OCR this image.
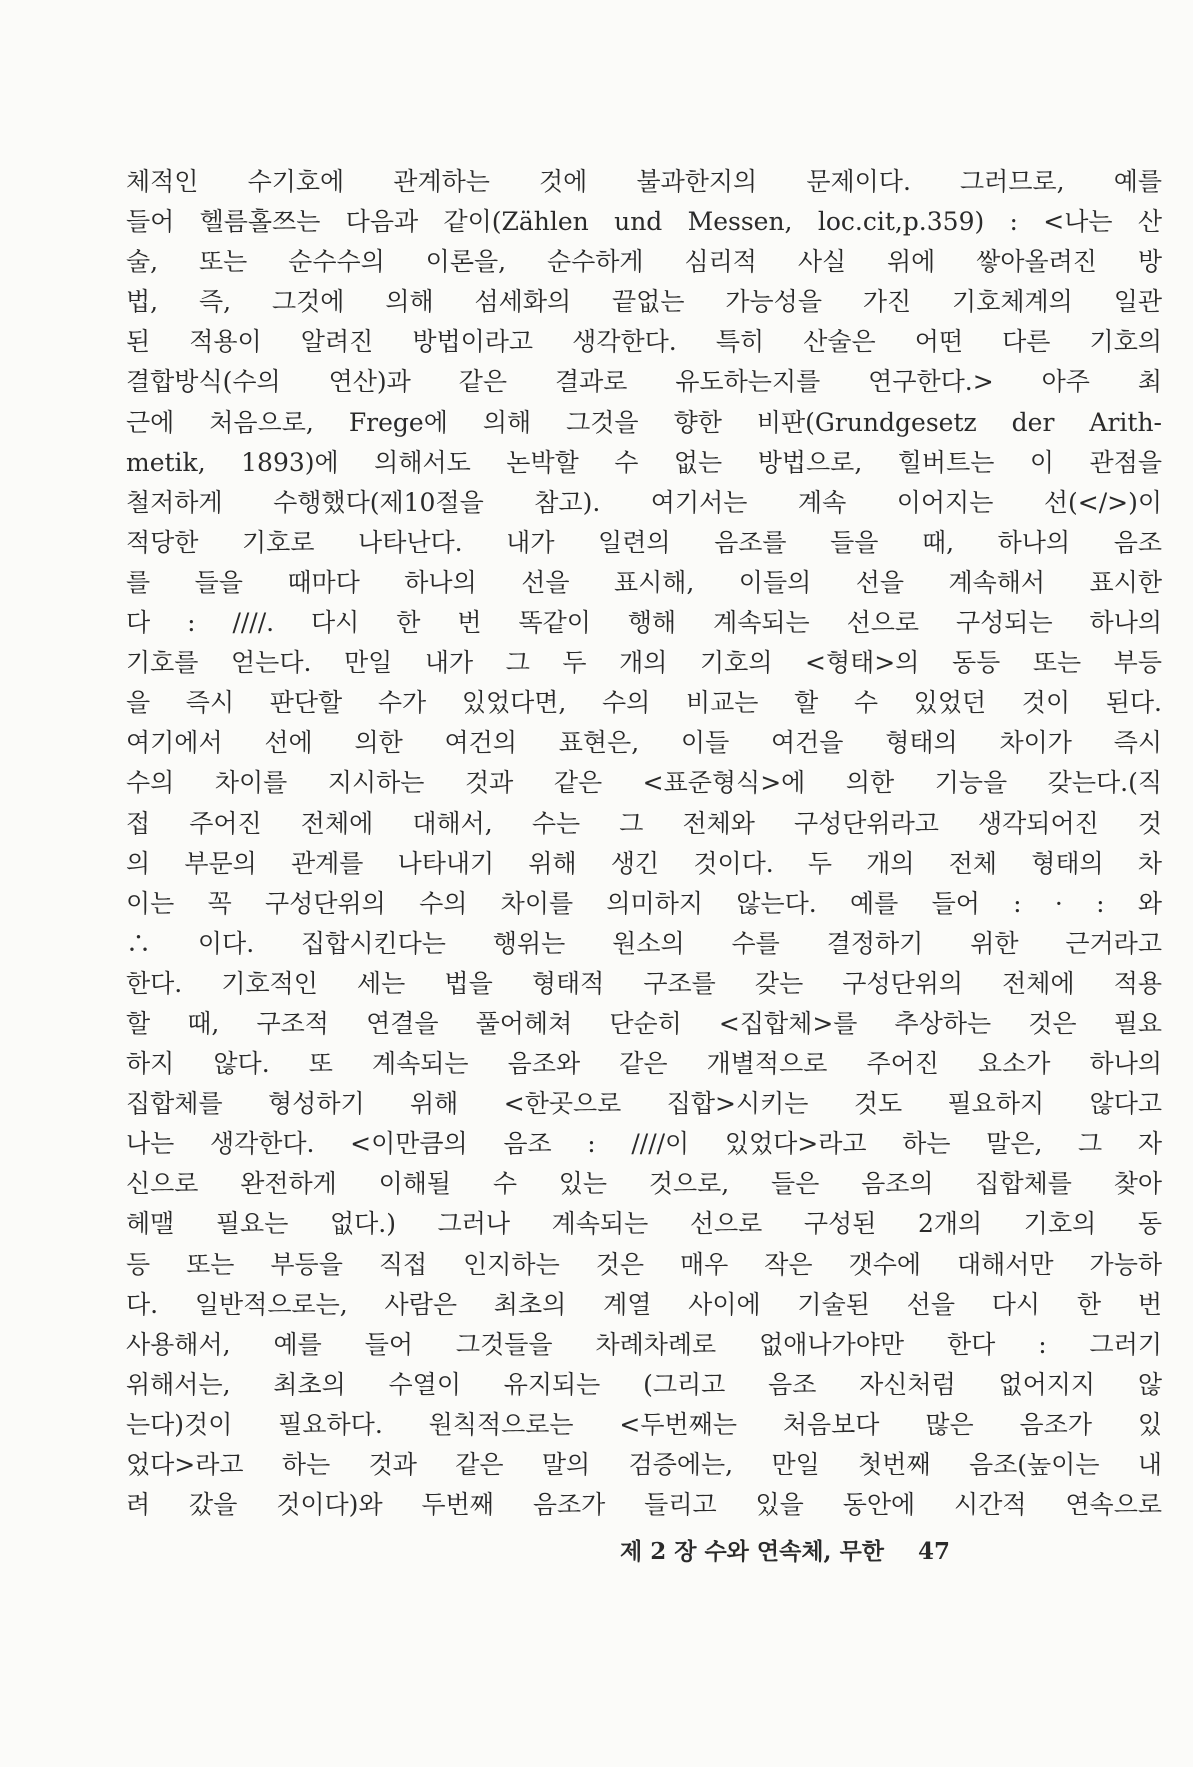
체적인 수기호에 관계하는 것에 불과한지의 문제이다. 그러므로, 예를
들어 헬름홀쯔는 다음과 같이(Zählen und Messen, loc.cit,p.359) : <나는 산
술, 또는 순수수의 이론을, 순수하게 심리적 사실 위에 쌓아올려진 방
법, 즉, 그것에 의해 섬세화의 끝없는 가능성을 가진 기호체계의 일관
된 적용이 알려진 방법이라고 생각한다. 특히 산술은 어떤 다른 기호의
결합방식(수의 연산)과 같은 결과로 유도하는지를 연구한다.> 아주 최
근에 처음으로, Frege에 의해 그것을 향한 비판(Grundgesetz der Arith-
metik, 1893)에 의해서도 논박할 수 없는 방법으로, 힐버트는 이 관점을
철저하게 수행했다(제10절을 참고). 여기서는 계속 이어지는 선(</>)이
적당한 기호로 나타난다. 내가 일련의 음조를 들을 때, 하나의 음조
를 들을 때마다 하나의 선을 표시해, 이들의 선을 계속해서 표시한
다 : ////. 다시 한 번 똑같이 행해 계속되는 선으로 구성되는 하나의
기호를 얻는다. 만일 내가 그 두 개의 기호의 <형태>의 동등 또는 부등
을 즉시 판단할 수가 있었다면, 수의 비교는 할 수 있었던 것이 된다.
여기에서 선에 의한 여건의 표현은, 이들 여건을 형태의 차이가 즉시
수의 차이를 지시하는 것과 같은 <표준형식>에 의한 기능을 갖는다.(직
접 주어진 전체에 대해서, 수는 그 전체와 구성단위라고 생각되어진 것
의 부문의 관계를 나타내기 위해 생긴 것이다. 두 개의 전체 형태의 차
이는 꼭 구성단위의 수의 차이를 의미하지 않는다. 예를 들어 : · : 와
∴ 이다. 집합시킨다는 행위는 원소의 수를 결정하기 위한 근거라고
한다. 기호적인 세는 법을 형태적 구조를 갖는 구성단위의 전체에 적용
할 때, 구조적 연결을 풀어헤쳐 단순히 <집합체>를 추상하는 것은 필요
하지 않다. 또 계속되는 음조와 같은 개별적으로 주어진 요소가 하나의
집합체를 형성하기 위해 <한곳으로 집합>시키는 것도 필요하지 않다고
나는 생각한다. <이만큼의 음조 : ////이 있었다>라고 하는 말은, 그 자
신으로 완전하게 이해될 수 있는 것으로, 들은 음조의 집합체를 찾아
헤맬 필요는 없다.) 그러나 계속되는 선으로 구성된 2개의 기호의 동
등 또는 부등을 직접 인지하는 것은 매우 작은 갯수에 대해서만 가능하
다. 일반적으로는, 사람은 최초의 계열 사이에 기술된 선을 다시 한 번
사용해서, 예를 들어 그것들을 차례차례로 없애나가야만 한다 : 그러기
위해서는, 최초의 수열이 유지되는 (그리고 음조 자신처럼 없어지지 않
는다)것이 필요하다. 원칙적으로는 <두번째는 처음보다 많은 음조가 있
었다>라고 하는 것과 같은 말의 검증에는, 만일 첫번째 음조(높이는 내
려 갔을 것이다)와 두번째 음조가 들리고 있을 동안에 시간적 연속으로
제 2 장 수와 연속체, 무한 47
